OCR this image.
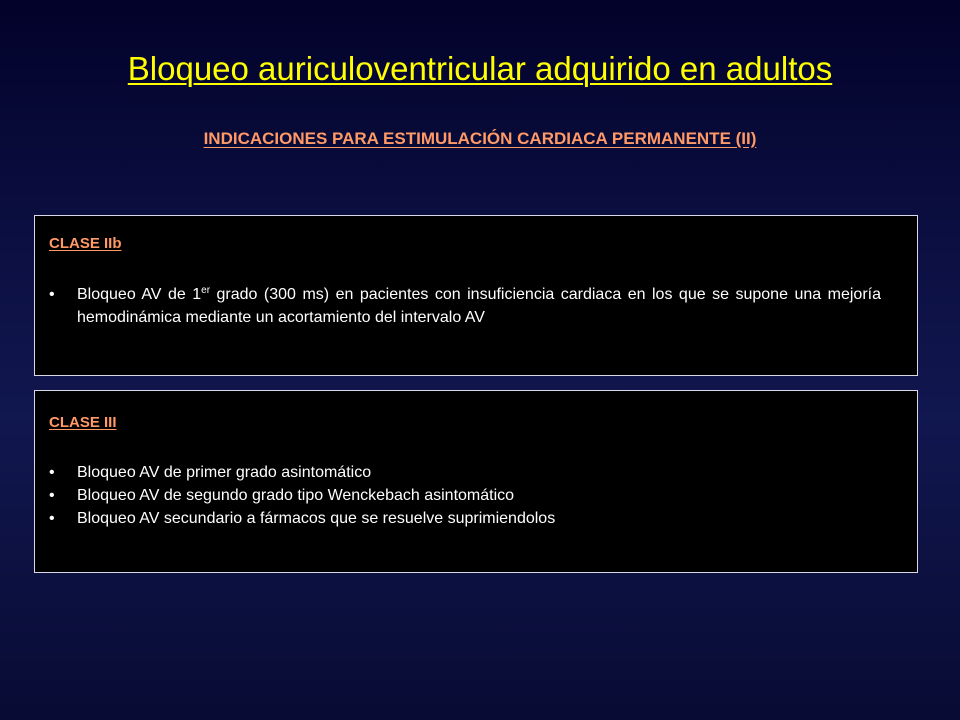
Bloqueo auriculoventricular adquirido en adultos
INDICACIONES PARA ESTIMULACIÓN CARDIACA PERMANENTE (II)
CLASE IIb
• Bloqueo AV de 1er grado (300 ms) en pacientes con insuficiencia cardiaca en los que se supone una mejoría hemodinámica mediante un acortamiento del intervalo AV
CLASE III
• Bloqueo AV de primer grado asintomático
• Bloqueo AV de segundo grado tipo Wenckebach asintomático
• Bloqueo AV secundario a fármacos que se resuelve suprimiendolos
